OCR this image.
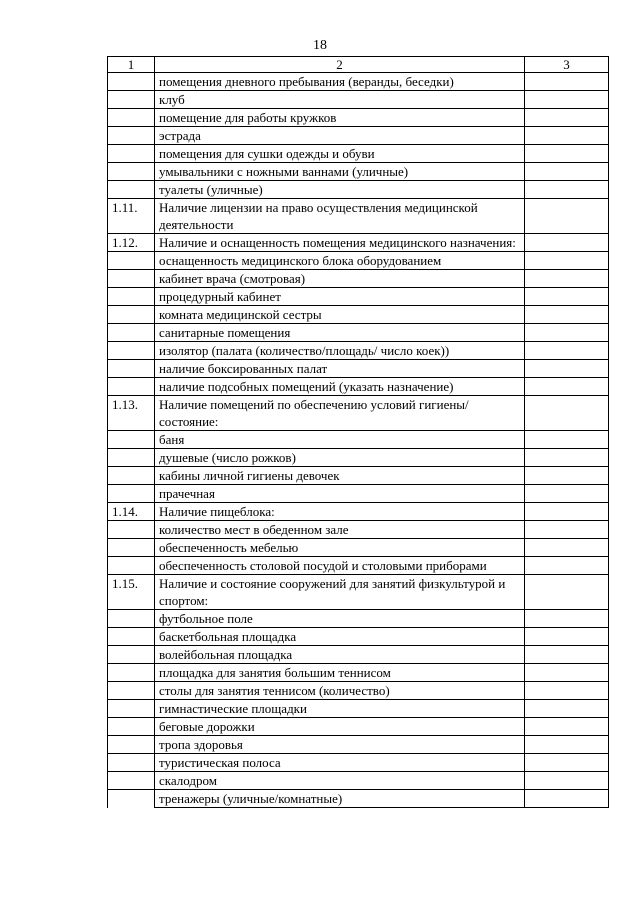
18
1	2	3
	помещения дневного пребывания (веранды, беседки)	
	клуб	
	помещение для работы кружков	
	эстрада	
	помещения для сушки одежды и обуви	
	умывальники с ножными ваннами (уличные)	
	туалеты (уличные)	
1.11.	Наличие лицензии на право осуществления медицинской деятельности	
1.12.	Наличие и оснащенность помещения медицинского назначения:	
	оснащенность медицинского блока оборудованием	
	кабинет врача (смотровая)	
	процедурный кабинет	
	комната медицинской сестры	
	санитарные помещения	
	изолятор (палата (количество/площадь/ число коек))	
	наличие боксированных палат	
	наличие подсобных помещений (указать назначение)	
1.13.	Наличие помещений по обеспечению условий гигиены/ состояние:	
	баня	
	душевые (число рожков)	
	кабины личной гигиены девочек	
	прачечная	
1.14.	Наличие пищеблока:	
	количество мест в обеденном зале	
	обеспеченность мебелью	
	обеспеченность столовой посудой и столовыми приборами	
1.15.	Наличие и состояние сооружений для занятий физкультурой и спортом:	
	футбольное поле	
	баскетбольная площадка	
	волейбольная площадка	
	площадка для занятия большим теннисом	
	столы для занятия теннисом (количество)	
	гимнастические площадки	
	беговые дорожки	
	тропа здоровья	
	туристическая полоса	
	скалодром	
	тренажеры (уличные/комнатные)	
